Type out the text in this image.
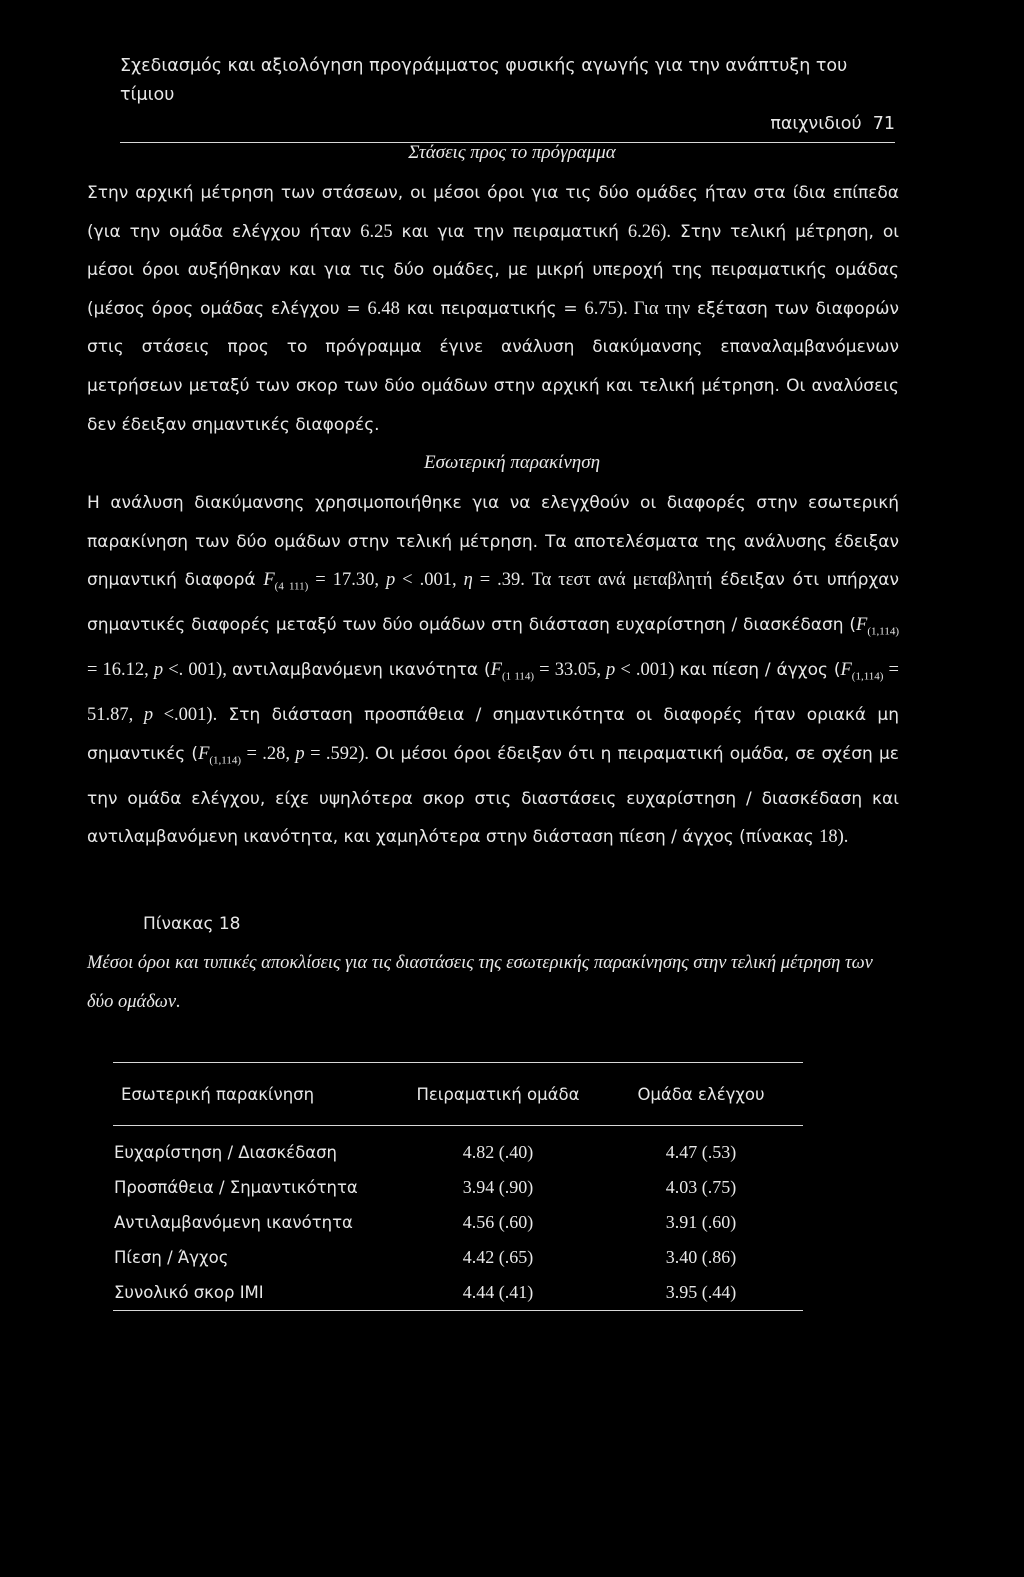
Σχεδιασμός και αξιολόγηση προγράμματος φυσικής αγωγής για την ανάπτυξη του τίμιου
παιχνιδιού 71
Στάσεις προς το πρόγραμμα
Στην αρχική μέτρηση των στάσεων, οι μέσοι όροι για τις δύο ομάδες ήταν στα ίδια επίπεδα (για την ομάδα ελέγχου ήταν 6.25 και για την πειραματική 6.26). Στην τελική μέτρηση, οι μέσοι όροι αυξήθηκαν και για τις δύο ομάδες, με μικρή υπεροχή της πειραματικής ομάδας (μέσος όρος ομάδας ελέγχου = 6.48 και πειραματικής = 6.75). Για την εξέταση των διαφορών στις στάσεις προς το πρόγραμμα έγινε ανάλυση διακύμανσης επαναλαμβανόμενων μετρήσεων μεταξύ των σκορ των δύο ομάδων στην αρχική και τελική μέτρηση. Οι αναλύσεις δεν έδειξαν σημαντικές διαφορές.
Εσωτερική παρακίνηση
Η ανάλυση διακύμανσης χρησιμοποιήθηκε για να ελεγχθούν οι διαφορές στην εσωτερική παρακίνηση των δύο ομάδων στην τελική μέτρηση. Τα αποτελέσματα της ανάλυσης έδειξαν σημαντική διαφορά $F_{(4 111)} = 17.30$, p < .001, η = .39. Τα τεστ ανά μεταβλητή έδειξαν ότι υπήρχαν σημαντικές διαφορές μεταξύ των δύο ομάδων στη διάσταση ευχαρίστηση / διασκέδαση ($F_{(1,114)} = 16.12$, p <. 001), αντιλαμβανόμενη ικανότητα ($F_{(1 114)} = 33.05$, p < .001) και πίεση / άγχος ($F_{(1,114)} = 51.87$, p <.001). Στη διάσταση προσπάθεια / σημαντικότητα οι διαφορές ήταν οριακά μη σημαντικές ($F_{(1,114)} = .28$, p = .592). Οι μέσοι όροι έδειξαν ότι η πειραματική ομάδα, σε σχέση με την ομάδα ελέγχου, είχε υψηλότερα σκορ στις διαστάσεις ευχαρίστηση / διασκέδαση και αντιλαμβανόμενη ικανότητα, και χαμηλότερα στην διάσταση πίεση / άγχος (πίνακας 18).
Πίνακας 18
Μέσοι όροι και τυπικές αποκλίσεις για τις διαστάσεις της εσωτερικής παρακίνησης στην τελική μέτρηση των δύο ομάδων.
Εσωτερική παρακίνηση	Πειραματική ομάδα	Ομάδα ελέγχου
Ευχαρίστηση / Διασκέδαση	4.82 (.40)	4.47 (.53)
Προσπάθεια / Σημαντικότητα	3.94 (.90)	4.03 (.75)
Αντιλαμβανόμενη ικανότητα	4.56 (.60)	3.91 (.60)
Πίεση / Άγχος	4.42 (.65)	3.40 (.86)
Συνολικό σκορ IMI	4.44 (.41)	3.95 (.44)
